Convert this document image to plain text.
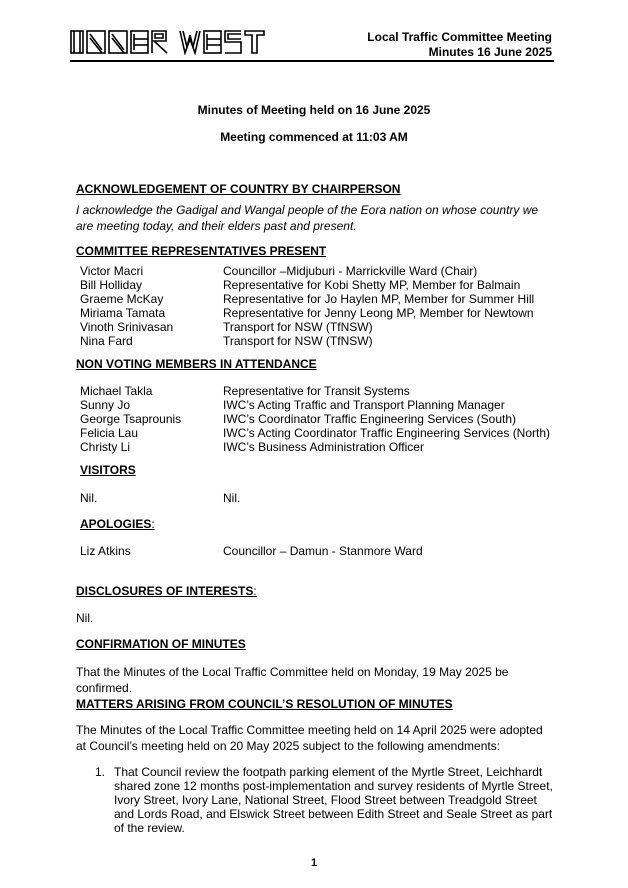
Local Traffic Committee Meeting
Minutes 16 June 2025
Minutes of Meeting held on 16 June 2025
Meeting commenced at 11:03 AM
ACKNOWLEDGEMENT OF COUNTRY BY CHAIRPERSON
I acknowledge the Gadigal and Wangal people of the Eora nation on whose country we are meeting today, and their elders past and present.
COMMITTEE REPRESENTATIVES PRESENT
Victor Macri	Councillor –Midjuburi - Marrickville Ward (Chair)
Bill Holliday	Representative for Kobi Shetty MP, Member for Balmain
Graeme McKay	Representative for Jo Haylen MP, Member for Summer Hill
Miriama Tamata	Representative for Jenny Leong MP, Member for Newtown
Vinoth Srinivasan	Transport for NSW (TfNSW)
Nina Fard	Transport for NSW (TfNSW)
NON VOTING MEMBERS IN ATTENDANCE
Michael Takla	Representative for Transit Systems
Sunny Jo	IWC’s Acting Traffic and Transport Planning Manager
George Tsaprounis	IWC’s Coordinator Traffic Engineering Services (South)
Felicia Lau	IWC’s Acting Coordinator Traffic Engineering Services (North)
Christy Li	IWC’s Business Administration Officer
VISITORS
Nil.	Nil.
APOLOGIES:
Liz Atkins	Councillor – Damun - Stanmore Ward
DISCLOSURES OF INTERESTS:
Nil.
CONFIRMATION OF MINUTES
That the Minutes of the Local Traffic Committee held on Monday, 19 May 2025 be confirmed.
MATTERS ARISING FROM COUNCIL’S RESOLUTION OF MINUTES
The Minutes of the Local Traffic Committee meeting held on 14 April 2025 were adopted at Council’s meeting held on 20 May 2025 subject to the following amendments:
1. That Council review the footpath parking element of the Myrtle Street, Leichhardt shared zone 12 months post-implementation and survey residents of Myrtle Street, Ivory Street, Ivory Lane, National Street, Flood Street between Treadgold Street and Lords Road, and Elswick Street between Edith Street and Seale Street as part of the review.
1
